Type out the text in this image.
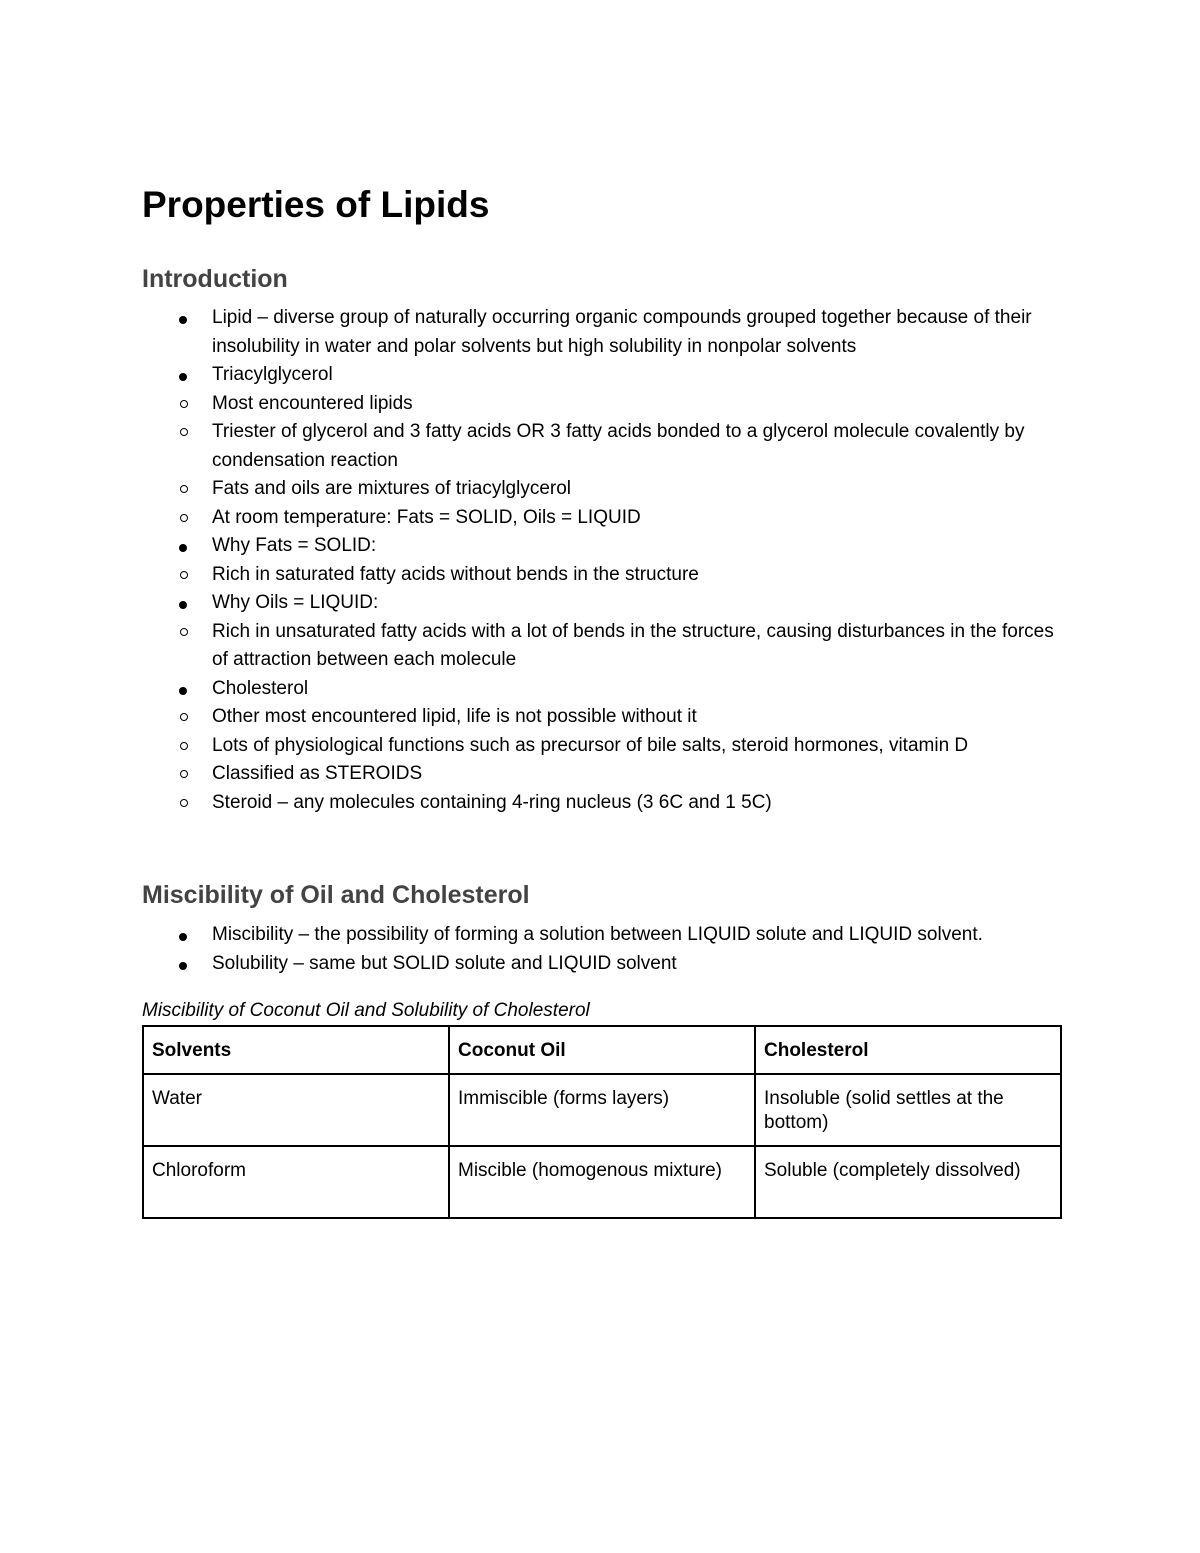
Properties of Lipids
Introduction
Lipid – diverse group of naturally occurring organic compounds grouped together because of their insolubility in water and polar solvents but high solubility in nonpolar solvents
Triacylglycerol
Most encountered lipids
Triester of glycerol and 3 fatty acids OR 3 fatty acids bonded to a glycerol molecule covalently by condensation reaction
Fats and oils are mixtures of triacylglycerol
At room temperature: Fats = SOLID, Oils = LIQUID
Why Fats = SOLID:
Rich in saturated fatty acids without bends in the structure
Why Oils = LIQUID:
Rich in unsaturated fatty acids with a lot of bends in the structure, causing disturbances in the forces of attraction between each molecule
Cholesterol
Other most encountered lipid, life is not possible without it
Lots of physiological functions such as precursor of bile salts, steroid hormones, vitamin D
Classified as STEROIDS
Steroid – any molecules containing 4-ring nucleus (3 6C and 1 5C)
Miscibility of Oil and Cholesterol
Miscibility – the possibility of forming a solution between LIQUID solute and LIQUID solvent.
Solubility – same but SOLID solute and LIQUID solvent
Miscibility of Coconut Oil and Solubility of Cholesterol
Solvents	Coconut Oil	Cholesterol
Water	Immiscible (forms layers)	Insoluble (solid settles at the bottom)
Chloroform	Miscible (homogenous mixture)	Soluble (completely dissolved)
